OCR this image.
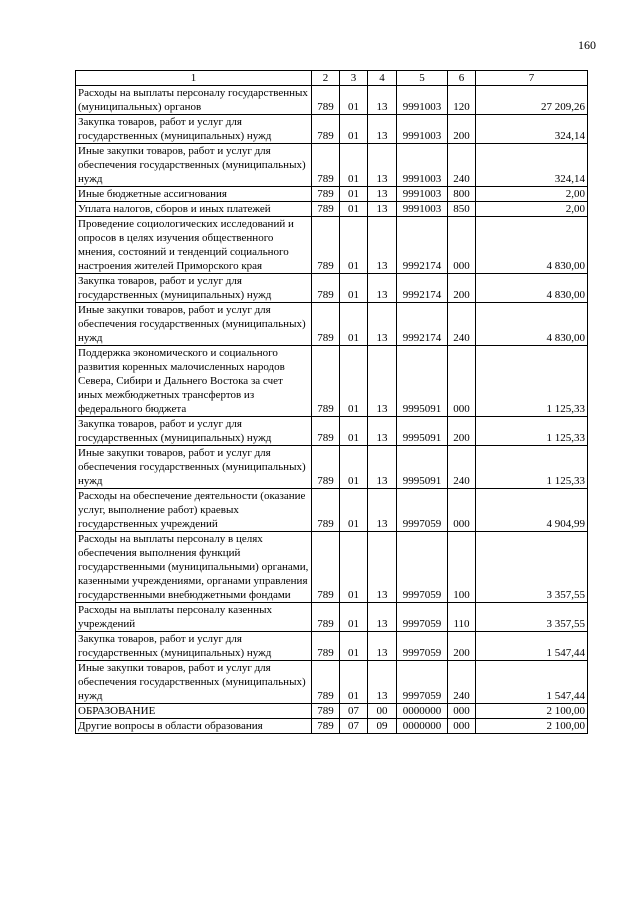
160
1	2	3	4	5	6	7
Расходы на выплаты персоналу государственных (муниципальных) органов	789	01	13	9991003	120	27 209,26
Закупка товаров, работ и услуг для государственных (муниципальных) нужд	789	01	13	9991003	200	324,14
Иные закупки товаров, работ и услуг для обеспечения государственных (муниципальных) нужд	789	01	13	9991003	240	324,14
Иные бюджетные ассигнования	789	01	13	9991003	800	2,00
Уплата налогов, сборов и иных платежей	789	01	13	9991003	850	2,00
Проведение социологических исследований и опросов в целях изучения общественного мнения, состояний и тенденций социального настроения жителей Приморского края	789	01	13	9992174	000	4 830,00
Закупка товаров, работ и услуг для государственных (муниципальных) нужд	789	01	13	9992174	200	4 830,00
Иные закупки товаров, работ и услуг для обеспечения государственных (муниципальных) нужд	789	01	13	9992174	240	4 830,00
Поддержка экономического и социального развития коренных малочисленных народов Севера, Сибири и Дальнего Востока за счет иных межбюджетных трансфертов из федерального бюджета	789	01	13	9995091	000	1 125,33
Закупка товаров, работ и услуг для государственных (муниципальных) нужд	789	01	13	9995091	200	1 125,33
Иные закупки товаров, работ и услуг для обеспечения государственных (муниципальных) нужд	789	01	13	9995091	240	1 125,33
Расходы на обеспечение деятельности (оказание услуг, выполнение работ) краевых государственных учреждений	789	01	13	9997059	000	4 904,99
Расходы на выплаты персоналу в целях обеспечения выполнения функций государственными (муниципальными) органами, казенными учреждениями, органами управления государственными внебюджетными фондами	789	01	13	9997059	100	3 357,55
Расходы на выплаты персоналу казенных учреждений	789	01	13	9997059	110	3 357,55
Закупка товаров, работ и услуг для государственных (муниципальных) нужд	789	01	13	9997059	200	1 547,44
Иные закупки товаров, работ и услуг для обеспечения государственных (муниципальных) нужд	789	01	13	9997059	240	1 547,44
ОБРАЗОВАНИЕ	789	07	00	0000000	000	2 100,00
Другие вопросы в области образования	789	07	09	0000000	000	2 100,00
